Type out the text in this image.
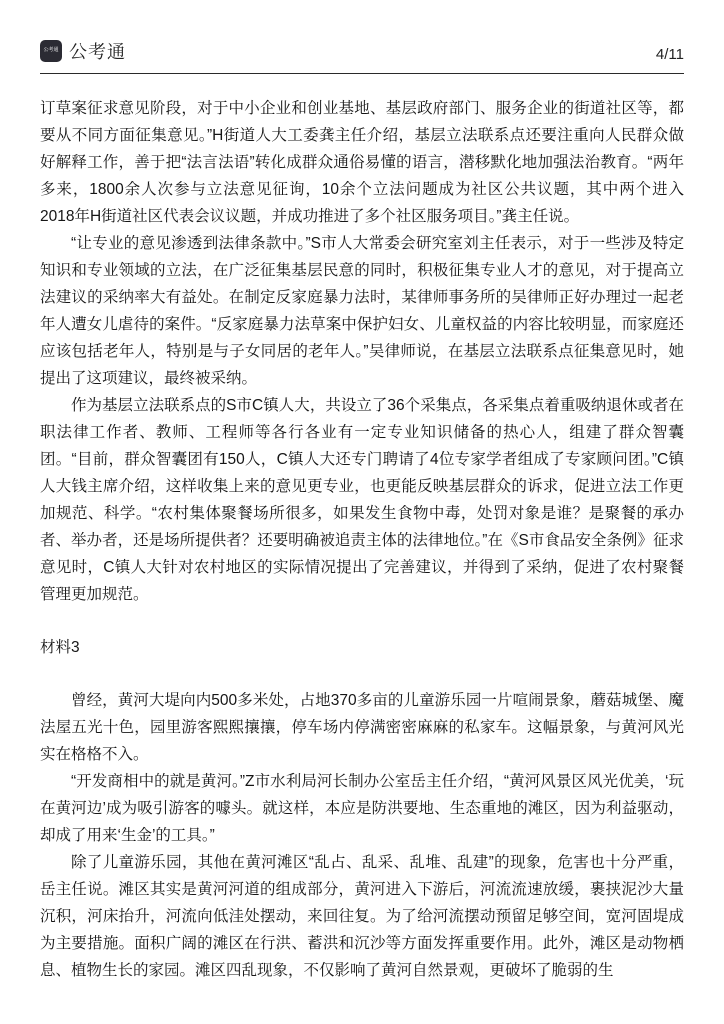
公考通 公考通	4/11

订草案征求意见阶段，对于中小企业和创业基地、基层政府部门、服务企业的街道社区等，都要从不同方面征集意见。”H街道人大工委龚主任介绍，基层立法联系点还要注重向人民群众做好解释工作，善于把“法言法语”转化成群众通俗易懂的语言，潜移默化地加强法治教育。“两年多来，1800余人次参与立法意见征询，10余个立法问题成为社区公共议题，其中两个进入2018年H街道社区代表会议议题，并成功推进了多个社区服务项目。”龚主任说。

“让专业的意见渗透到法律条款中。”S市人大常委会研究室刘主任表示，对于一些涉及特定知识和专业领域的立法，在广泛征集基层民意的同时，积极征集专业人才的意见，对于提高立法建议的采纳率大有益处。在制定反家庭暴力法时，某律师事务所的吴律师正好办理过一起老年人遭女儿虐待的案件。“反家庭暴力法草案中保护妇女、儿童权益的内容比较明显，而家庭还应该包括老年人，特别是与子女同居的老年人。”吴律师说，在基层立法联系点征集意见时，她提出了这项建议，最终被采纳。

作为基层立法联系点的S市C镇人大，共设立了36个采集点，各采集点着重吸纳退休或者在职法律工作者、教师、工程师等各行各业有一定专业知识储备的热心人，组建了群众智囊团。“目前，群众智囊团有150人，C镇人大还专门聘请了4位专家学者组成了专家顾问团。”C镇人大钱主席介绍，这样收集上来的意见更专业，也更能反映基层群众的诉求，促进立法工作更加规范、科学。“农村集体聚餐场所很多，如果发生食物中毒，处罚对象是谁？是聚餐的承办者、举办者，还是场所提供者？还要明确被追责主体的法律地位。”在《S市食品安全条例》征求意见时，C镇人大针对农村地区的实际情况提出了完善建议，并得到了采纳，促进了农村聚餐管理更加规范。

材料3

曾经，黄河大堤向内500多米处，占地370多亩的儿童游乐园一片喧闹景象，蘑菇城堡、魔法屋五光十色，园里游客熙熙攘攘，停车场内停满密密麻麻的私家车。这幅景象，与黄河风光实在格格不入。

“开发商相中的就是黄河。”Z市水利局河长制办公室岳主任介绍，“黄河风景区风光优美，‘玩在黄河边’成为吸引游客的噱头。就这样，本应是防洪要地、生态重地的滩区，因为利益驱动，却成了用来‘生金’的工具。”

除了儿童游乐园，其他在黄河滩区“乱占、乱采、乱堆、乱建”的现象，危害也十分严重，岳主任说。滩区其实是黄河河道的组成部分，黄河进入下游后，河流流速放缓，裹挟泥沙大量沉积，河床抬升，河流向低洼处摆动，来回往复。为了给河流摆动预留足够空间，宽河固堤成为主要措施。面积广阔的滩区在行洪、蓄洪和沉沙等方面发挥重要作用。此外，滩区是动物栖息、植物生长的家园。滩区四乱现象，不仅影响了黄河自然景观，更破坏了脆弱的生
